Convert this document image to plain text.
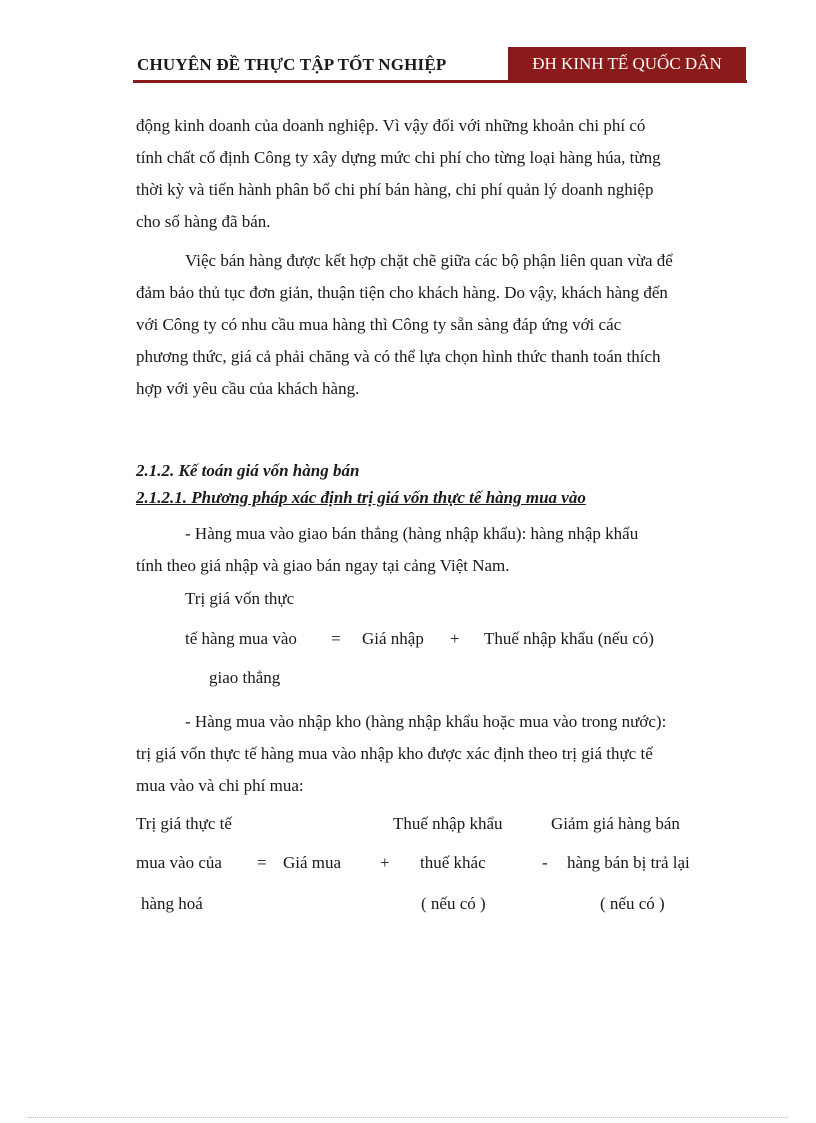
CHUYÊN ĐỀ THỰC TẬP TỐT NGHIỆP	ĐH KINH TẾ QUỐC DÂN
động kinh doanh của doanh nghiệp. Vì vậy đối với những khoản chi phí có
tính chất cố định Công ty xây dựng mức chi phí cho từng loại hàng húa, từng
thời kỳ và tiến hành phân bổ chi phí bán hàng, chi phí quản lý doanh nghiệp
cho số hàng đã bán.
Việc bán hàng được kết hợp chặt chẽ giữa các bộ phận liên quan vừa để
đảm bảo thủ tục đơn giản, thuận tiện cho khách hàng. Do vậy, khách hàng đến
với Công ty có nhu cầu mua hàng thì Công ty sẵn sàng đáp ứng với các
phương thức, giá cả phải chăng và có thể lựa chọn hình thức thanh toán thích
hợp với yêu cầu của khách hàng.
2.1.2. Kế toán giá vốn hàng bán
2.1.2.1. Phương pháp xác định trị giá vốn thực tế hàng mua vào
- Hàng mua vào giao bán thẳng (hàng nhập khẩu): hàng nhập khẩu
tính theo giá nhập và giao bán ngay tại cảng Việt Nam.
Trị giá vốn thực
tế hàng mua vào = Giá nhập + Thuế nhập khẩu (nếu có)
giao thẳng
- Hàng mua vào nhập kho (hàng nhập khẩu hoặc mua vào trong nước):
trị giá vốn thực tế hàng mua vào nhập kho được xác định theo trị giá thực tế
mua vào và chi phí mua:
Trị giá thực tế
mua vào của
hàng hoá
= Giá mua +
Thuế nhập khẩu
thuế khác
( nếu có )
-
Giảm giá hàng bán
hàng bán bị trả lại
( nếu có )
